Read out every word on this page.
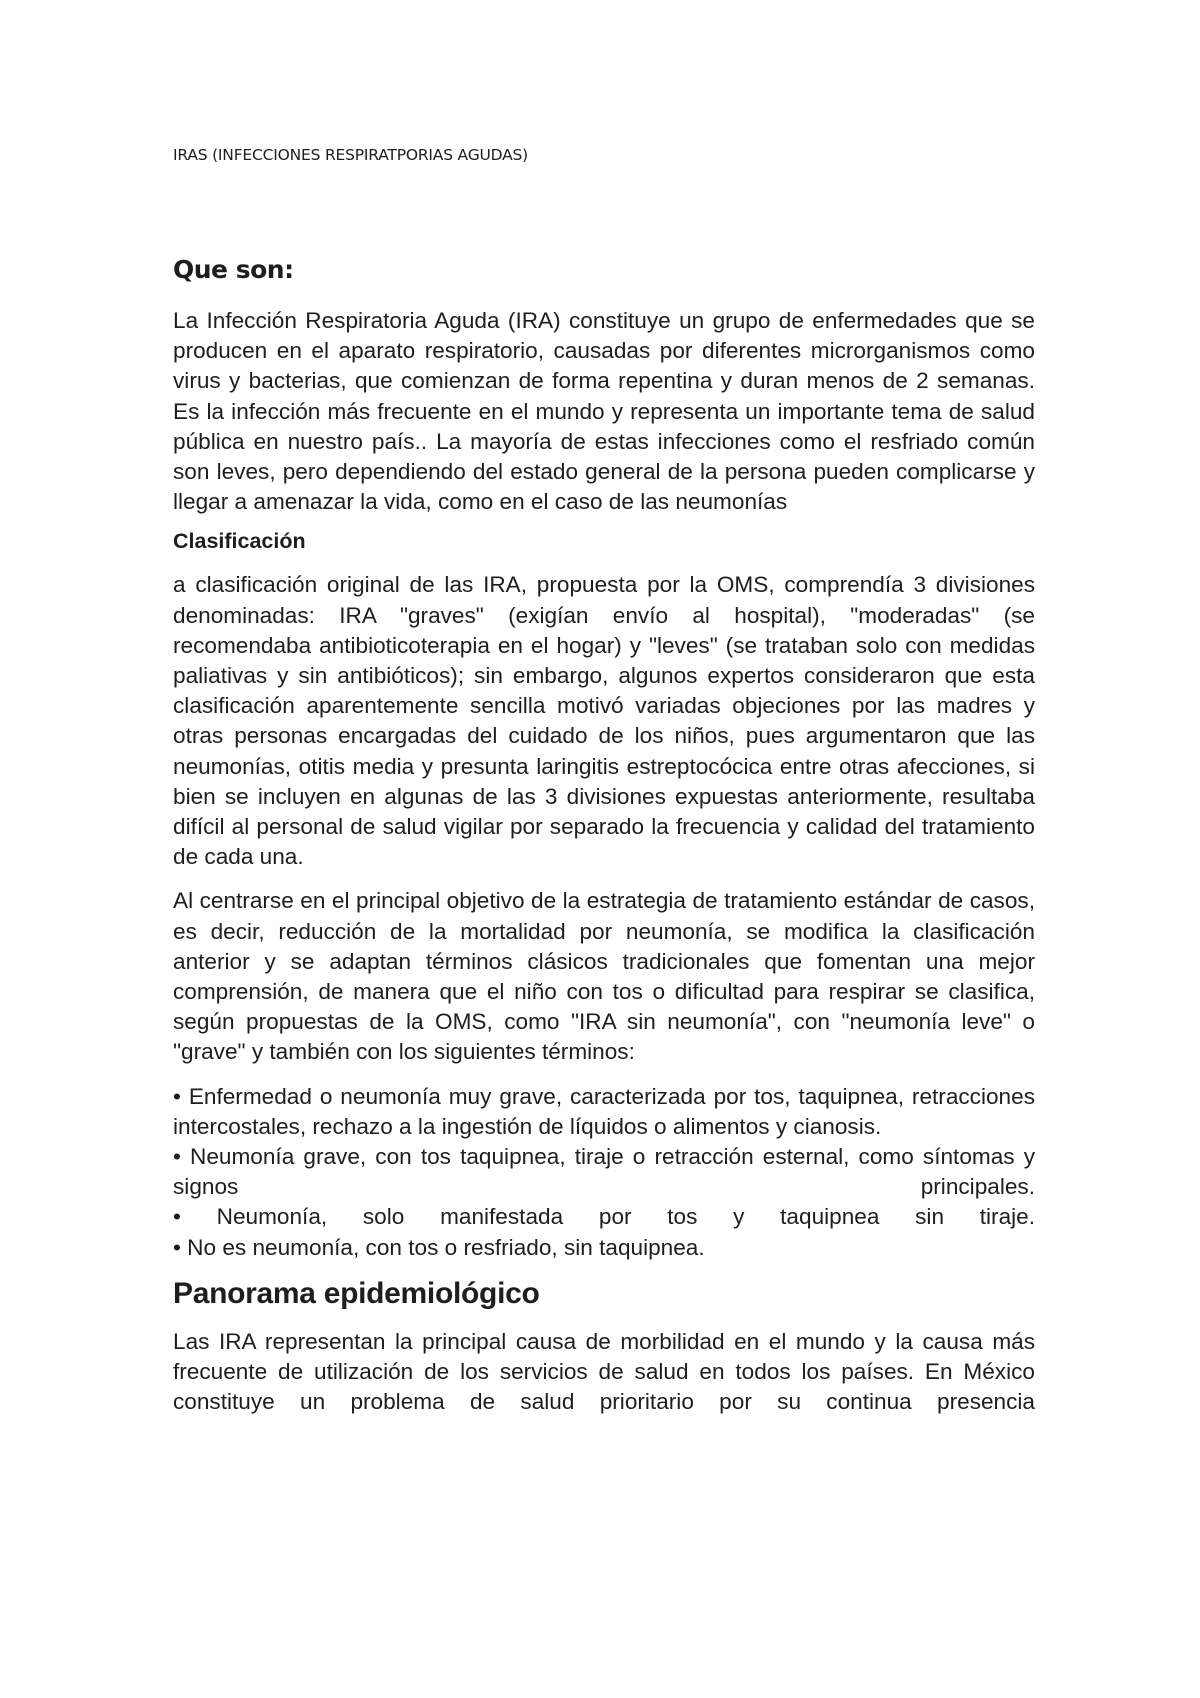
IRAS (INFECCIONES RESPIRATPORIAS AGUDAS)
Que son:

La Infección Respiratoria Aguda (IRA) constituye un grupo de enfermedades que se producen en el aparato respiratorio, causadas por diferentes microrganismos como virus y bacterias, que comienzan de forma repentina y duran menos de 2 semanas. Es la infección más frecuente en el mundo y representa un importante tema de salud pública en nuestro país.. La mayoría de estas infecciones como el resfriado común son leves, pero dependiendo del estado general de la persona pueden complicarse y llegar a amenazar la vida, como en el caso de las neumonías

Clasificación

a clasificación original de las IRA, propuesta por la OMS, comprendía 3 divisiones denominadas: IRA "graves" (exigían envío al hospital), "moderadas" (se recomendaba antibioticoterapia en el hogar) y "leves" (se trataban solo con medidas paliativas y sin antibióticos); sin embargo, algunos expertos consideraron que esta clasificación aparentemente sencilla motivó variadas objeciones por las madres y otras personas encargadas del cuidado de los niños, pues argumentaron que las neumonías, otitis media y presunta laringitis estreptocócica entre otras afecciones, si bien se incluyen en algunas de las 3 divisiones expuestas anteriormente, resultaba difícil al personal de salud vigilar por separado la frecuencia y calidad del tratamiento de cada una.

Al centrarse en el principal objetivo de la estrategia de tratamiento estándar de casos, es decir, reducción de la mortalidad por neumonía, se modifica la clasificación anterior y se adaptan términos clásicos tradicionales que fomentan una mejor comprensión, de manera que el niño con tos o dificultad para respirar se clasifica, según propuestas de la OMS, como "IRA sin neumonía", con "neumonía leve" o "grave" y también con los siguientes términos:

• Enfermedad o neumonía muy grave, caracterizada por tos, taquipnea, retracciones intercostales, rechazo a la ingestión de líquidos o alimentos y cianosis.
• Neumonía grave, con tos taquipnea, tiraje o retracción esternal, como síntomas y signos principales.
• Neumonía, solo manifestada por tos y taquipnea sin tiraje.
• No es neumonía, con tos o resfriado, sin taquipnea.
Panorama epidemiológico

Las IRA representan la principal causa de morbilidad en el mundo y la causa más frecuente de utilización de los servicios de salud en todos los países. En México constituye un problema de salud prioritario por su continua presencia
